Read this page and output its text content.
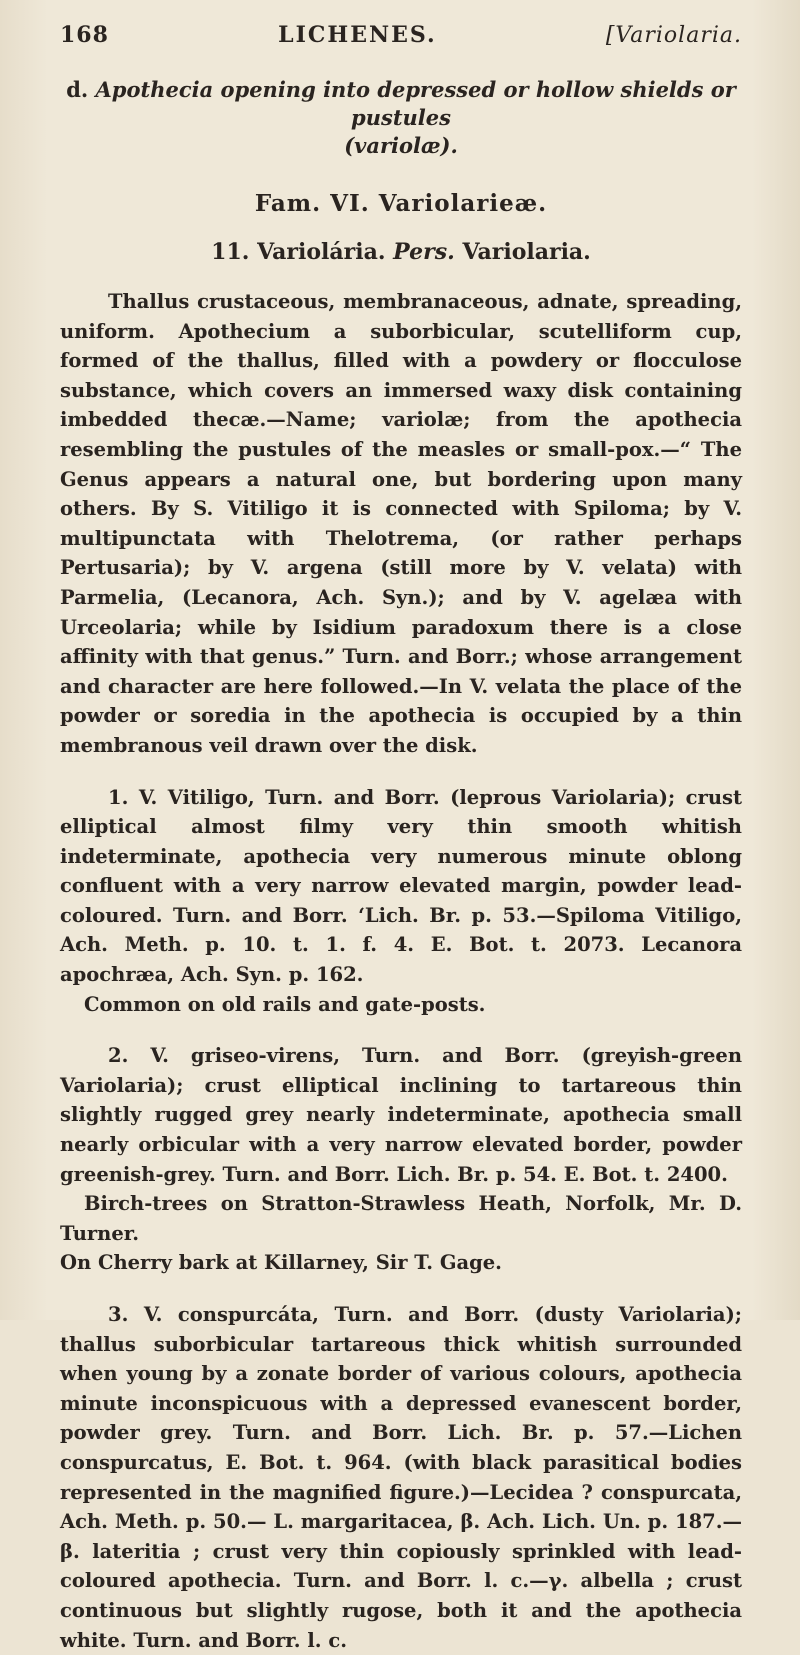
168	LICHENES.	[Variolaria.

d. Apothecia opening into depressed or hollow shields or pustules
(variolæ).

Fam. VI. Variolarieæ.

11. Variolária. Pers. Variolaria.

Thallus crustaceous, membranaceous, adnate, spreading, uniform. Apothecium a suborbicular, scutelliform cup, formed of the thallus, filled with a powdery or flocculose substance, which covers an immersed waxy disk containing imbedded thecæ.—Name; variolæ; from the apothecia resembling the pustules of the measles or small-pox.—“ The Genus appears a natural one, but bordering upon many others. By S. Vitiligo it is connected with Spiloma; by V. multipunctata with Thelotrema, (or rather perhaps Pertusaria); by V. argena (still more by V. velata) with Parmelia, (Lecanora, Ach. Syn.); and by V. agelæa with Urceolaria; while by Isidium paradoxum there is a close affinity with that genus.” Turn. and Borr.; whose arrangement and character are here followed.—In V. velata the place of the powder or soredia in the apothecia is occupied by a thin membranous veil drawn over the disk.

1. V. Vitiligo, Turn. and Borr. (leprous Variolaria); crust elliptical almost filmy very thin smooth whitish indeterminate, apothecia very numerous minute oblong confluent with a very narrow elevated margin, powder lead-coloured. Turn. and Borr. ‘Lich. Br. p. 53.—Spiloma Vitiligo, Ach. Meth. p. 10. t. 1. f. 4. E. Bot. t. 2073. Lecanora apochræa, Ach. Syn. p. 162.

Common on old rails and gate-posts.

2. V. griseo-virens, Turn. and Borr. (greyish-green Variolaria); crust elliptical inclining to tartareous thin slightly rugged grey nearly indeterminate, apothecia small nearly orbicular with a very narrow elevated border, powder greenish-grey. Turn. and Borr. Lich. Br. p. 54. E. Bot. t. 2400.

Birch-trees on Stratton-Strawless Heath, Norfolk, Mr. D. Turner.

On Cherry bark at Killarney, Sir T. Gage.

3. V. conspurcáta, Turn. and Borr. (dusty Variolaria); thallus suborbicular tartareous thick whitish surrounded when young by a zonate border of various colours, apothecia minute inconspicuous with a depressed evanescent border, powder grey. Turn. and Borr. Lich. Br. p. 57.—Lichen conspurcatus, E. Bot. t. 964. (with black parasitical bodies represented in the magnified figure.)—Lecidea ? conspurcata, Ach. Meth. p. 50.— L. margaritacea, β. Ach. Lich. Un. p. 187.—β. lateritia ; crust very thin copiously sprinkled with lead-coloured apothecia. Turn. and Borr. l. c.—γ. albella ; crust continuous but slightly rugose, both it and the apothecia white. Turn. and Borr. l. c.
